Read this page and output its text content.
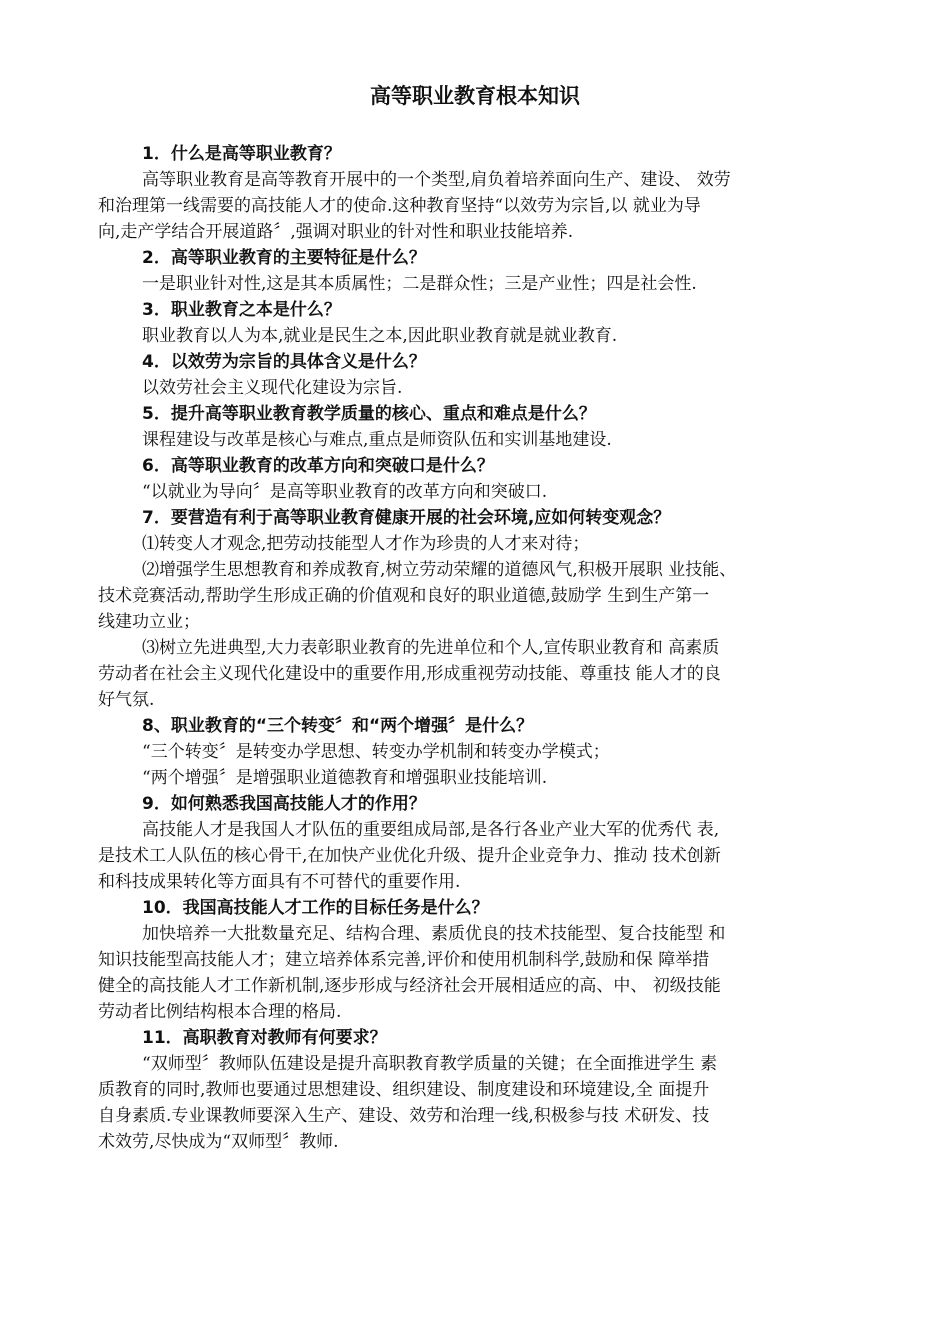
高等职业教育根本知识
1．什么是高等职业教育？
高等职业教育是高等教育开展中的一个类型,肩负着培养面向生产、建设、 效劳
和治理第一线需要的高技能人才的使命.这种教育坚持“以效劳为宗旨,以 就业为导
向,走产学结合开展道路〞,强调对职业的针对性和职业技能培养.
2．高等职业教育的主要特征是什么？
一是职业针对性,这是其本质属性；二是群众性；三是产业性；四是社会性.
3．职业教育之本是什么？
职业教育以人为本,就业是民生之本,因此职业教育就是就业教育.
4．以效劳为宗旨的具体含义是什么？
以效劳社会主义现代化建设为宗旨.
5．提升高等职业教育教学质量的核心、重点和难点是什么？
课程建设与改革是核心与难点,重点是师资队伍和实训基地建设.
6．高等职业教育的改革方向和突破口是什么？
“以就业为导向〞是高等职业教育的改革方向和突破口.
7．要营造有利于高等职业教育健康开展的社会环境,应如何转变观念？
⑴转变人才观念,把劳动技能型人才作为珍贵的人才来对待；
⑵增强学生思想教育和养成教育,树立劳动荣耀的道德风气,积极开展职 业技能、
技术竞赛活动,帮助学生形成正确的价值观和良好的职业道德,鼓励学 生到生产第一
线建功立业；
⑶树立先进典型,大力表彰职业教育的先进单位和个人,宣传职业教育和 高素质
劳动者在社会主义现代化建设中的重要作用,形成重视劳动技能、尊重技 能人才的良
好气氛.
8、职业教育的“三个转变〞和“两个增强〞是什么？
“三个转变〞是转变办学思想、转变办学机制和转变办学模式；
“两个增强〞是增强职业道德教育和增强职业技能培训.
9．如何熟悉我国高技能人才的作用？
高技能人才是我国人才队伍的重要组成局部,是各行各业产业大军的优秀代 表,
是技术工人队伍的核心骨干,在加快产业优化升级、提升企业竞争力、推动 技术创新
和科技成果转化等方面具有不可替代的重要作用.
10．我国高技能人才工作的目标任务是什么？
加快培养一大批数量充足、结构合理、素质优良的技术技能型、复合技能型 和
知识技能型高技能人才；建立培养体系完善,评价和使用机制科学,鼓励和保 障举措
健全的高技能人才工作新机制,逐步形成与经济社会开展相适应的高、中、 初级技能
劳动者比例结构根本合理的格局.
11．高职教育对教师有何要求？
“双师型〞教师队伍建设是提升高职教育教学质量的关键；在全面推进学生 素
质教育的同时,教师也要通过思想建设、组织建设、制度建设和环境建设,全 面提升
自身素质.专业课教师要深入生产、建设、效劳和治理一线,积极参与技 术研发、技
术效劳,尽快成为“双师型〞教师.
